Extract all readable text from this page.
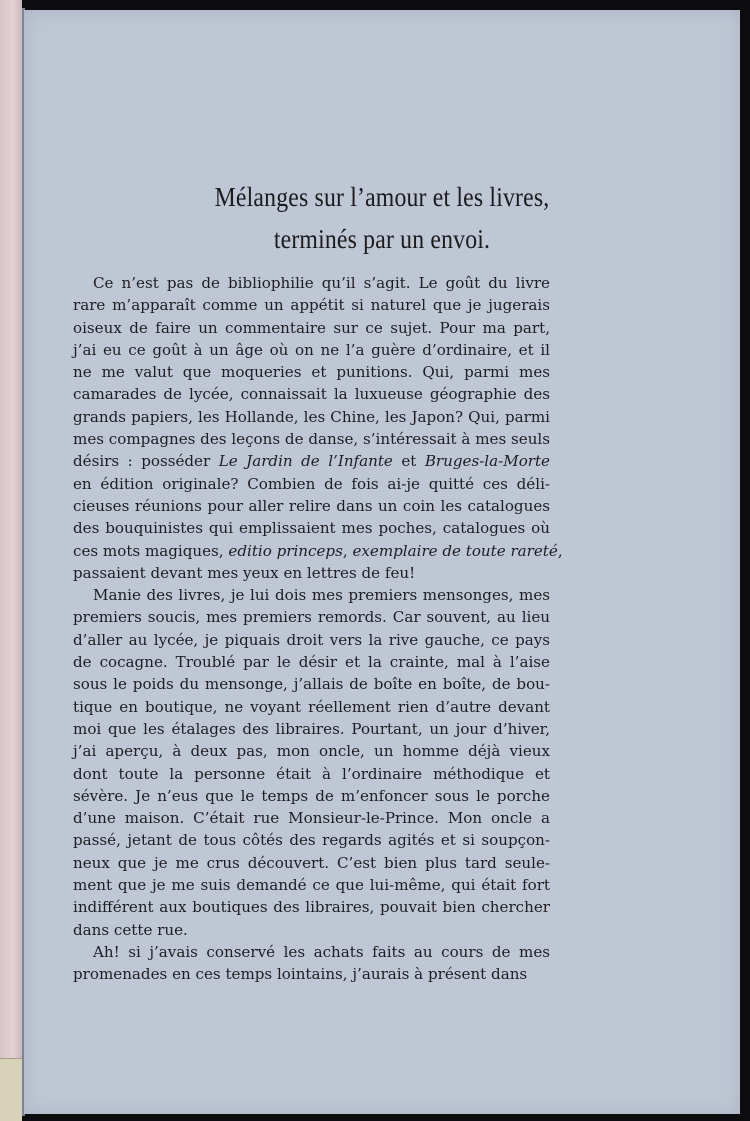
Mélanges sur l’amour et les livres,
terminés par un envoi.
Ce n’est pas de bibliophilie qu’il s’agit. Le goût du livre
rare m’apparaît comme un appétit si naturel que je jugerais
oiseux de faire un commentaire sur ce sujet. Pour ma part,
j’ai eu ce goût à un âge où on ne l’a guère d’ordinaire, et il
ne me valut que moqueries et punitions. Qui, parmi mes
camarades de lycée, connaissait la luxueuse géographie des
grands papiers, les Hollande, les Chine, les Japon? Qui, parmi
mes compagnes des leçons de danse, s’intéressait à mes seuls
désirs : posséder Le Jardin de l’Infante et Bruges-la-Morte
en édition originale? Combien de fois ai-je quitté ces déli-
cieuses réunions pour aller relire dans un coin les catalogues
des bouquinistes qui emplissaient mes poches, catalogues où
ces mots magiques, editio princeps, exemplaire de toute rareté,
passaient devant mes yeux en lettres de feu!
Manie des livres, je lui dois mes premiers mensonges, mes
premiers soucis, mes premiers remords. Car souvent, au lieu
d’aller au lycée, je piquais droit vers la rive gauche, ce pays
de cocagne. Troublé par le désir et la crainte, mal à l’aise
sous le poids du mensonge, j’allais de boîte en boîte, de bou-
tique en boutique, ne voyant réellement rien d’autre devant
moi que les étalages des libraires. Pourtant, un jour d’hiver,
j’ai aperçu, à deux pas, mon oncle, un homme déjà vieux
dont toute la personne était à l’ordinaire méthodique et
sévère. Je n’eus que le temps de m’enfoncer sous le porche
d’une maison. C’était rue Monsieur-le-Prince. Mon oncle a
passé, jetant de tous côtés des regards agités et si soupçon-
neux que je me crus découvert. C’est bien plus tard seule-
ment que je me suis demandé ce que lui-même, qui était fort
indifférent aux boutiques des libraires, pouvait bien chercher
dans cette rue.
Ah! si j’avais conservé les achats faits au cours de mes
promenades en ces temps lointains, j’aurais à présent dans
